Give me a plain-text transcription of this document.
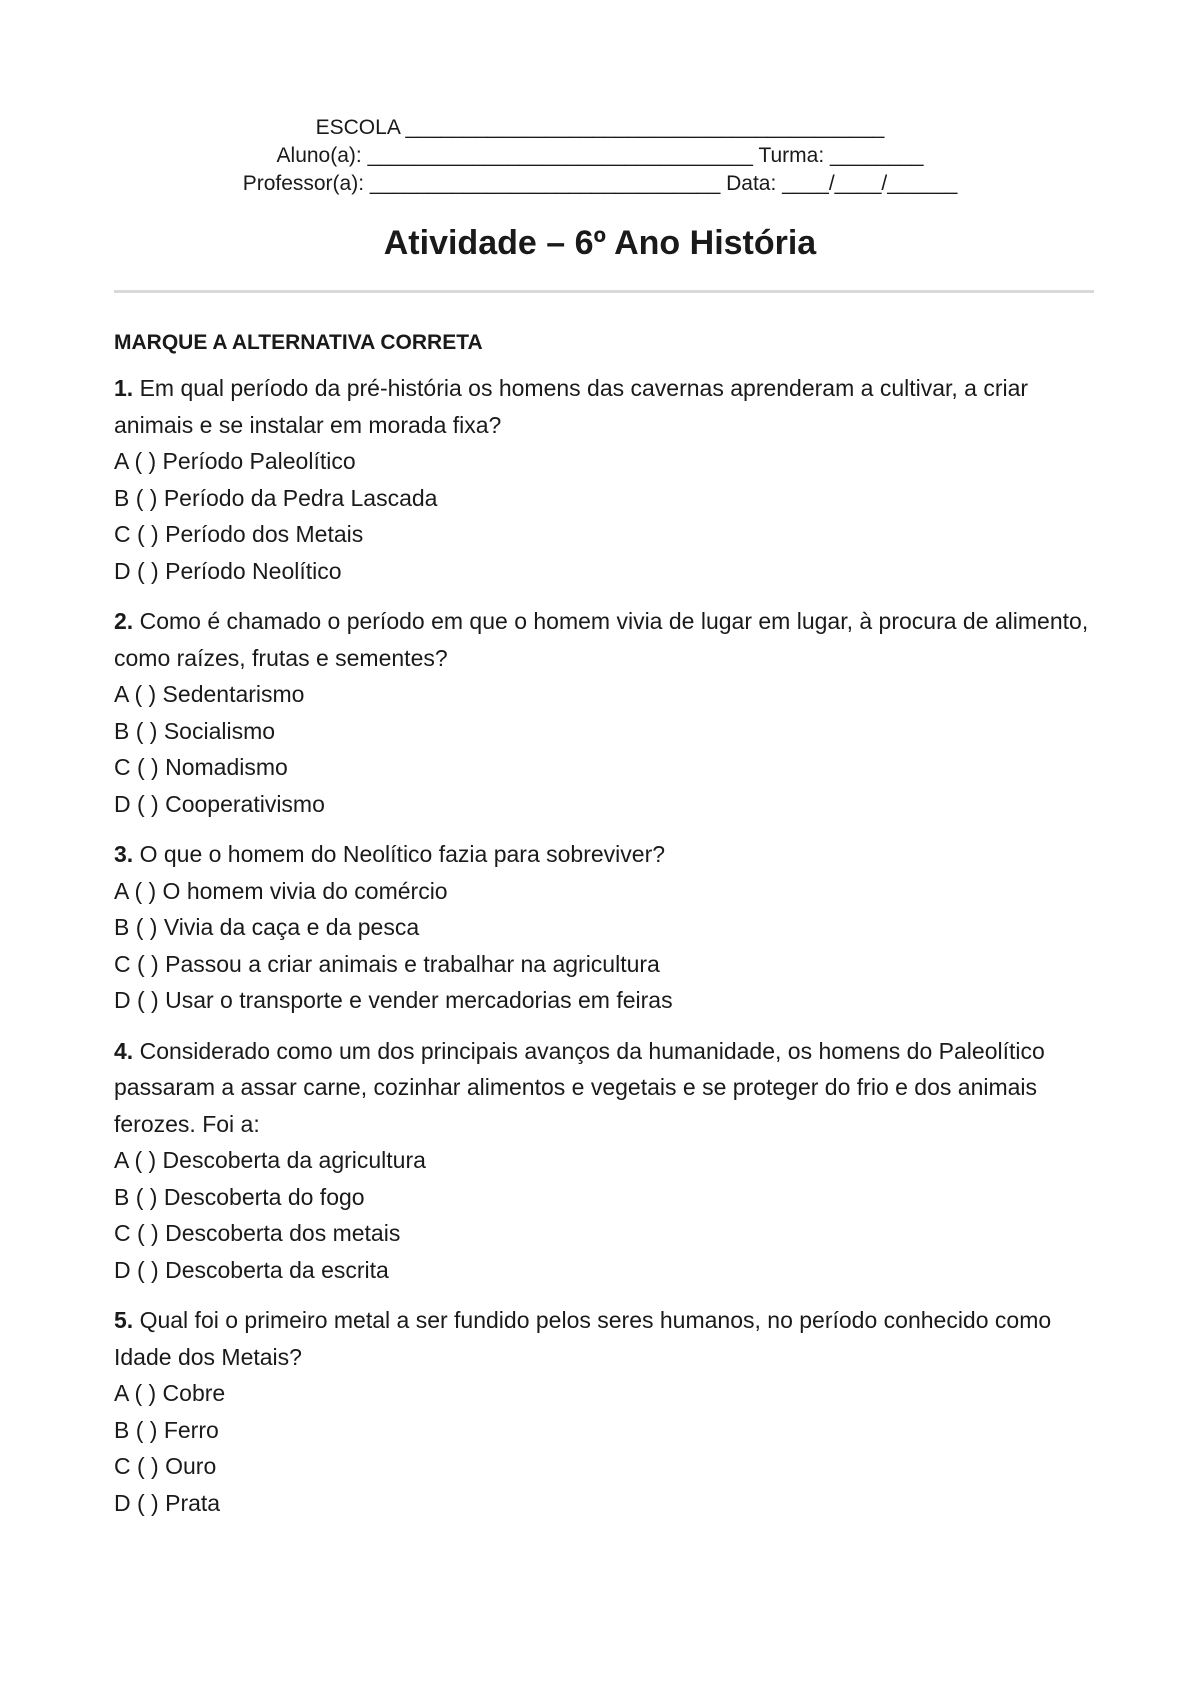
ESCOLA _________________________________________
Aluno(a): _________________________________ Turma: ________
Professor(a): ______________________________ Data: ____/____/______
Atividade – 6º Ano História
MARQUE A ALTERNATIVA CORRETA
1. Em qual período da pré-história os homens das cavernas aprenderam a cultivar, a criar animais e se instalar em morada fixa?
A ( ) Período Paleolítico
B ( ) Período da Pedra Lascada
C ( ) Período dos Metais
D ( ) Período Neolítico
2. Como é chamado o período em que o homem vivia de lugar em lugar, à procura de alimento, como raízes, frutas e sementes?
A ( ) Sedentarismo
B ( ) Socialismo
C ( ) Nomadismo
D ( ) Cooperativismo
3. O que o homem do Neolítico fazia para sobreviver?
A ( ) O homem vivia do comércio
B ( ) Vivia da caça e da pesca
C ( ) Passou a criar animais e trabalhar na agricultura
D ( ) Usar o transporte e vender mercadorias em feiras
4. Considerado como um dos principais avanços da humanidade, os homens do Paleolítico passaram a assar carne, cozinhar alimentos e vegetais e se proteger do frio e dos animais ferozes. Foi a:
A ( ) Descoberta da agricultura
B ( ) Descoberta do fogo
C ( ) Descoberta dos metais
D ( ) Descoberta da escrita
5. Qual foi o primeiro metal a ser fundido pelos seres humanos, no período conhecido como Idade dos Metais?
A ( ) Cobre
B ( ) Ferro
C ( ) Ouro
D ( ) Prata
